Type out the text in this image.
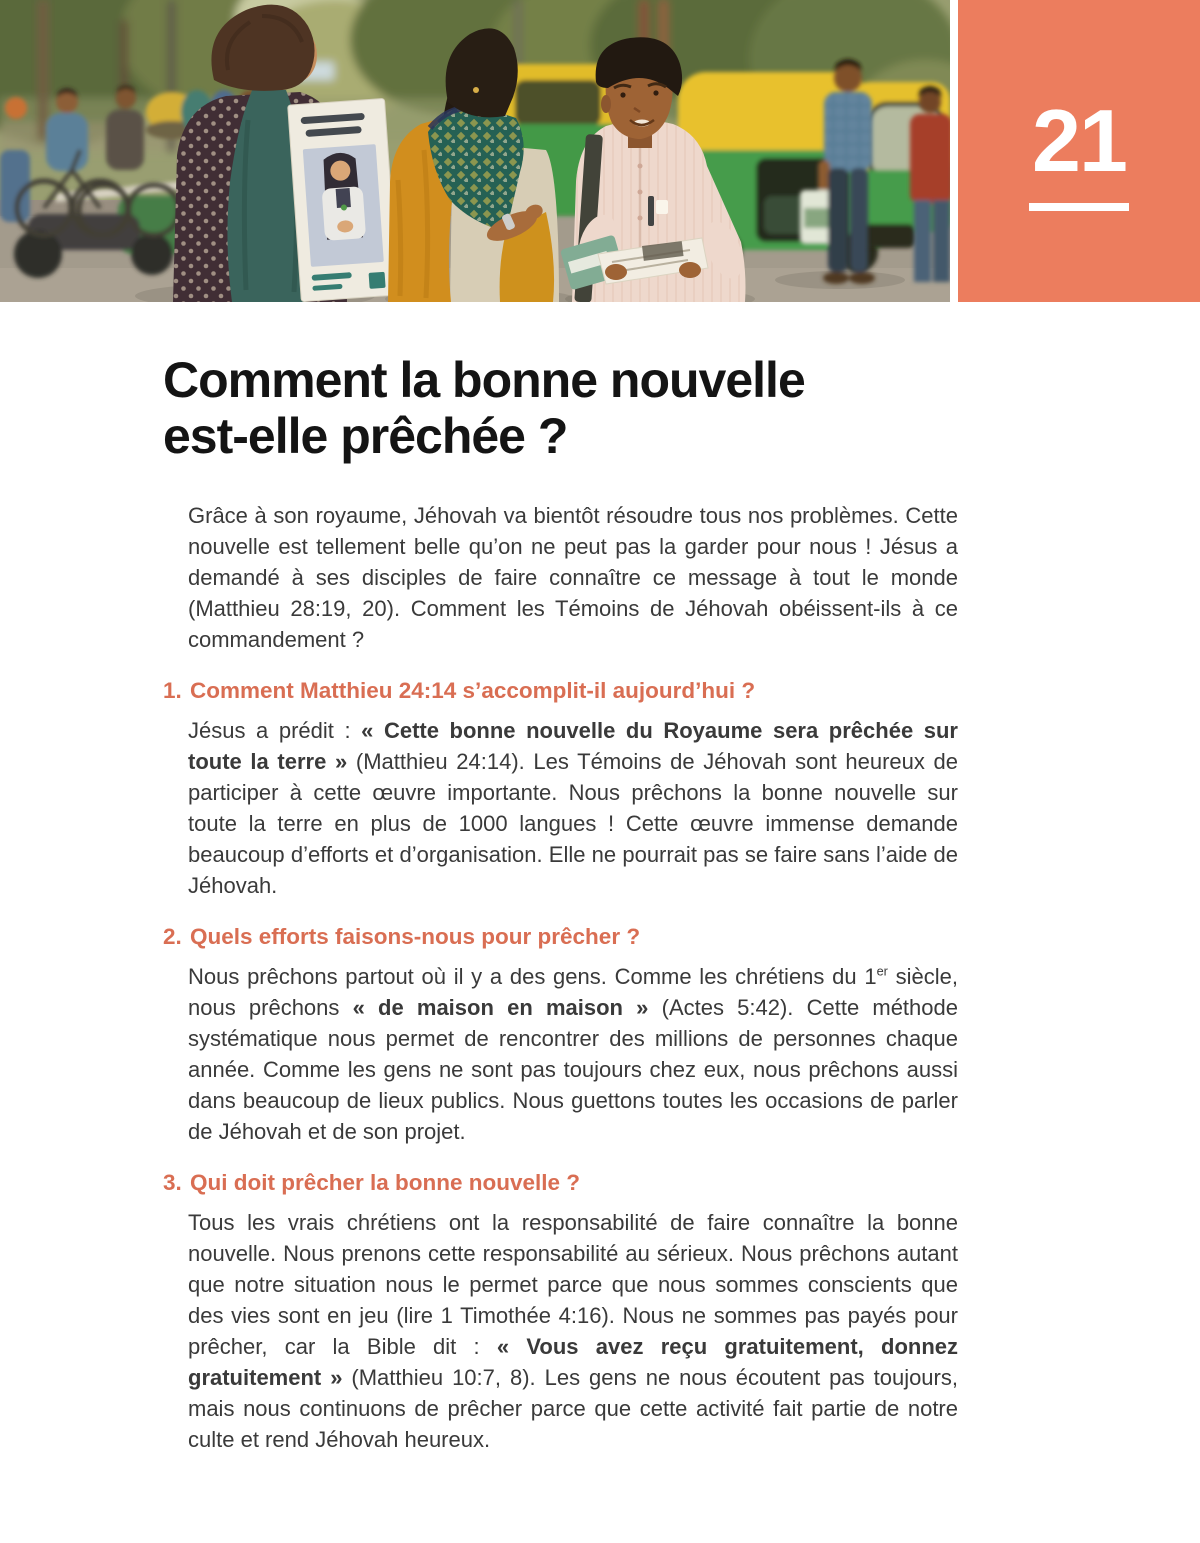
21
Comment la bonne nouvelle
est-elle prêchée ?

Grâce à son royaume, Jéhovah va bientôt résoudre tous nos problèmes. Cette nouvelle est tellement belle qu’on ne peut pas la garder pour nous ! Jésus a demandé à ses disciples de faire connaître ce message à tout le monde (Matthieu 28:19, 20). Comment les Témoins de Jéhovah obéissent-ils à ce commandement ?

1. Comment Matthieu 24:14 s’accomplit-il aujourd’hui ?

Jésus a prédit : « Cette bonne nouvelle du Royaume sera prêchée sur toute la terre » (Matthieu 24:14). Les Témoins de Jéhovah sont heureux de participer à cette œuvre importante. Nous prêchons la bonne nouvelle sur toute la terre en plus de 1000 langues ! Cette œuvre immense demande beaucoup d’efforts et d’organisation. Elle ne pourrait pas se faire sans l’aide de Jéhovah.

2. Quels efforts faisons-nous pour prêcher ?

Nous prêchons partout où il y a des gens. Comme les chrétiens du 1er siècle, nous prêchons « de maison en maison » (Actes 5:42). Cette méthode systématique nous permet de rencontrer des millions de personnes chaque année. Comme les gens ne sont pas toujours chez eux, nous prêchons aussi dans beaucoup de lieux publics. Nous guettons toutes les occasions de parler de Jéhovah et de son projet.

3. Qui doit prêcher la bonne nouvelle ?

Tous les vrais chrétiens ont la responsabilité de faire connaître la bonne nouvelle. Nous prenons cette responsabilité au sérieux. Nous prêchons autant que notre situation nous le permet parce que nous sommes conscients que des vies sont en jeu (lire 1 Timothée 4:16). Nous ne sommes pas payés pour prêcher, car la Bible dit : « Vous avez reçu gratuitement, donnez gratuitement » (Matthieu 10:7, 8). Les gens ne nous écoutent pas toujours, mais nous continuons de prêcher parce que cette activité fait partie de notre culte et rend Jéhovah heureux.
